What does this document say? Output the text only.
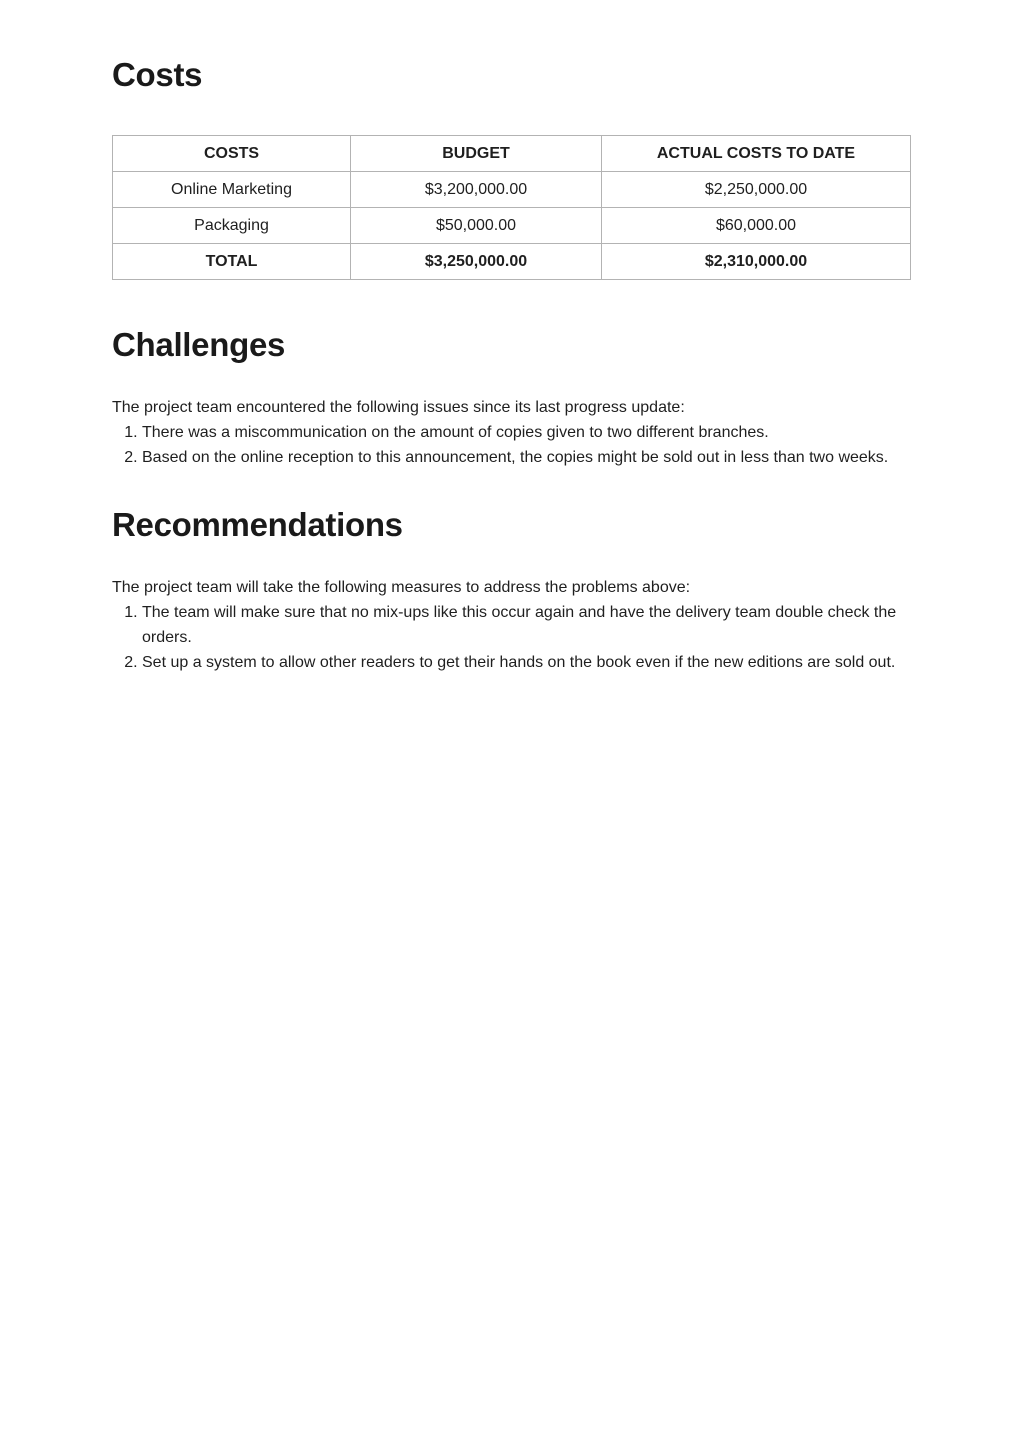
Costs
COSTS	BUDGET	ACTUAL COSTS TO DATE
Online Marketing	$3,200,000.00	$2,250,000.00
Packaging	$50,000.00	$60,000.00
TOTAL	$3,250,000.00	$2,310,000.00
Challenges

The project team encountered the following issues since its last progress update:

1. There was a miscommunication on the amount of copies given to two different branches.
2. Based on the online reception to this announcement, the copies might be sold out in less than two weeks.
Recommendations

The project team will take the following measures to address the problems above:

1. The team will make sure that no mix-ups like this occur again and have the delivery team double check the orders.
2. Set up a system to allow other readers to get their hands on the book even if the new editions are sold out.
